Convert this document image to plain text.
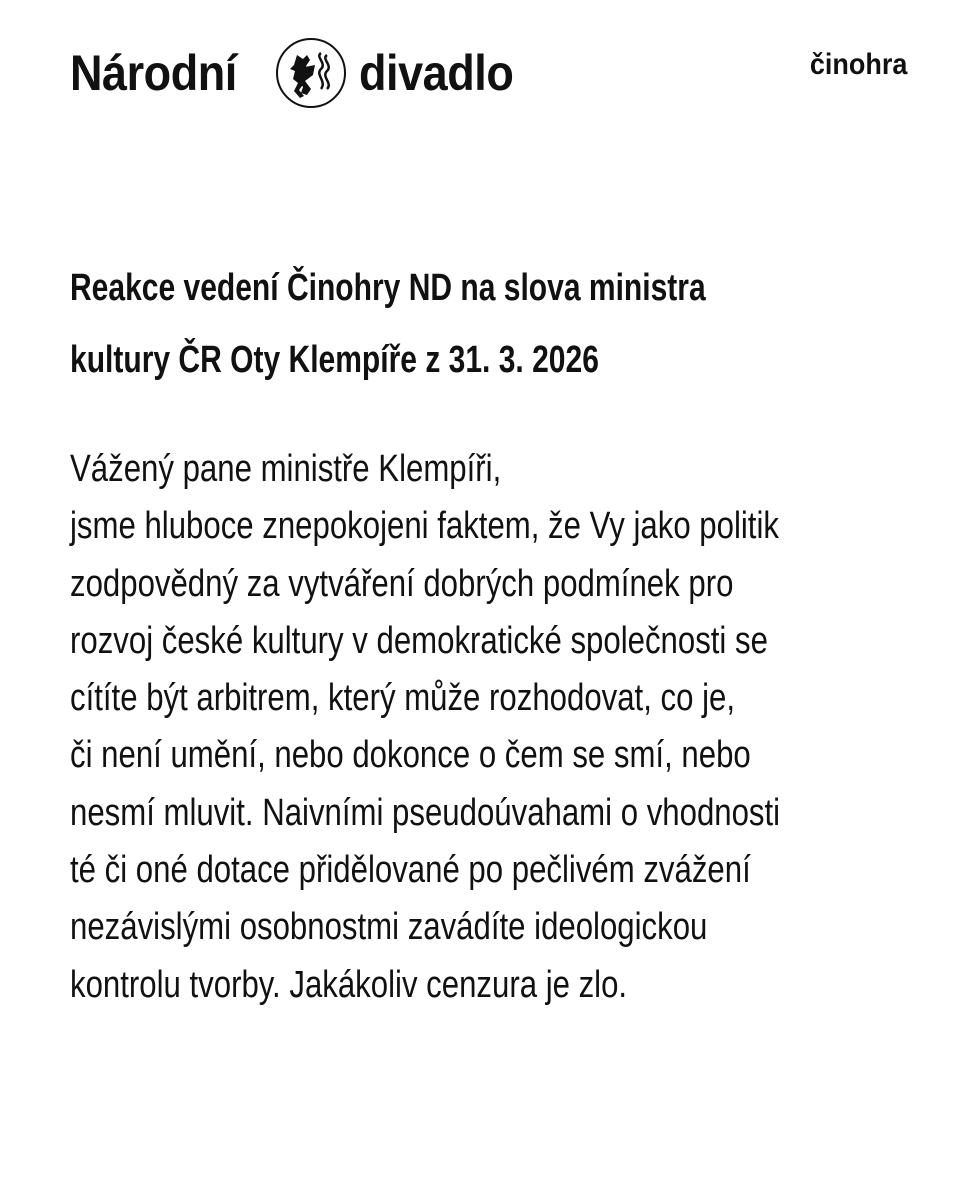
Národní	divadlo	činohra
Reakce vedení Činohry ND na slova ministra
kultury ČR Oty Klempíře z 31. 3. 2026
Vážený pane ministře Klempíři,
jsme hluboce znepokojeni faktem, že Vy jako politik
zodpovědný za vytváření dobrých podmínek pro
rozvoj české kultury v demokratické společnosti se
cítíte být arbitrem, který může rozhodovat, co je,
či není umění, nebo dokonce o čem se smí, nebo
nesmí mluvit. Naivními pseudoúvahami o vhodnosti
té či oné dotace přidělované po pečlivém zvážení
nezávislými osobnostmi zavádíte ideologickou
kontrolu tvorby. Jakákoliv cenzura je zlo.
